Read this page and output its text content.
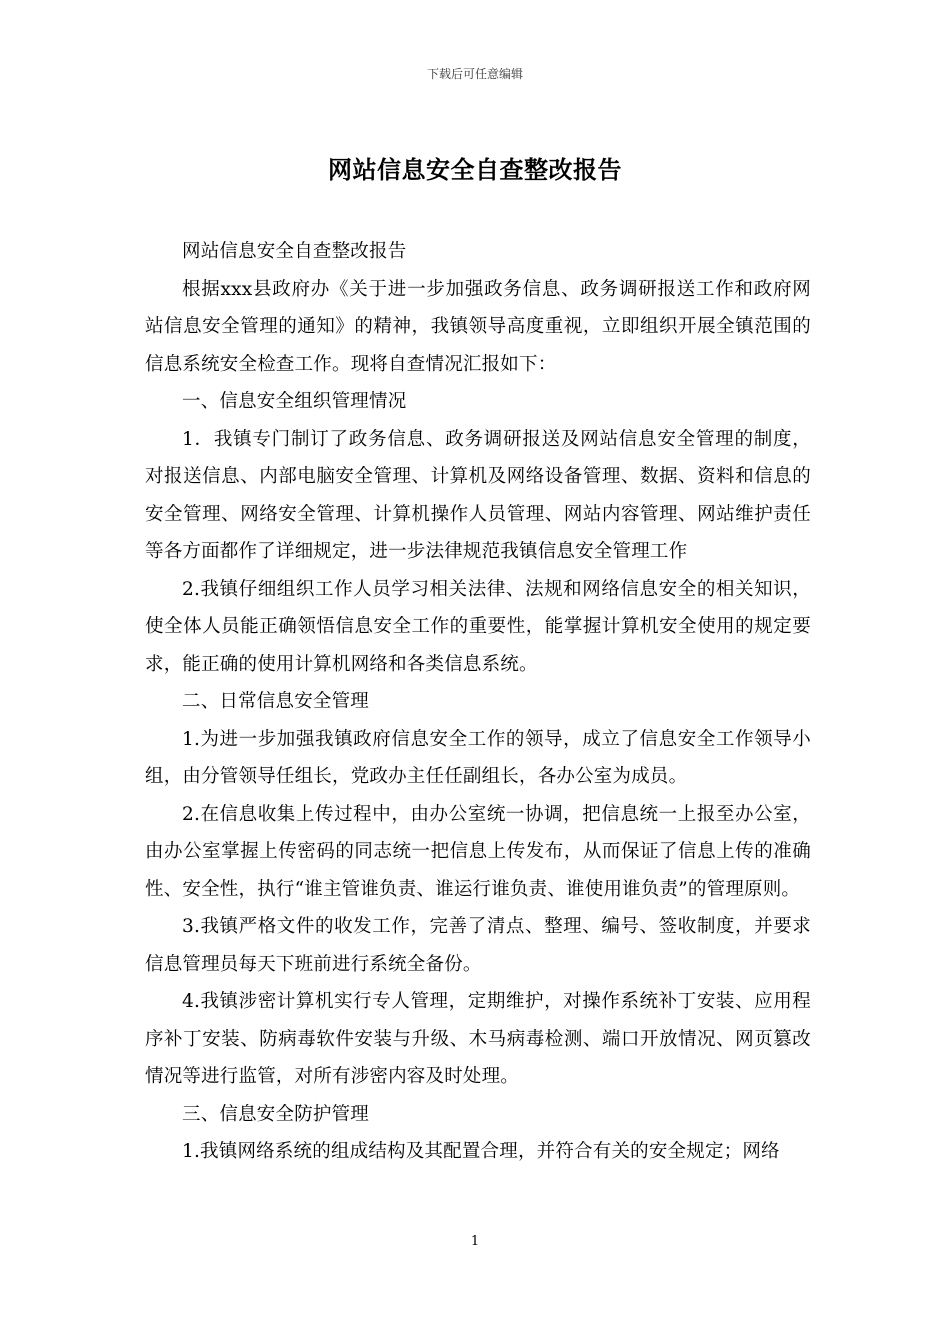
下载后可任意编辑
网站信息安全自查整改报告

网站信息安全自查整改报告

根据xxx县政府办《关于进一步加强政务信息、政务调研报送工作和政府网站信息安全管理的通知》的精神，我镇领导高度重视，立即组织开展全镇范围的信息系统安全检查工作。现将自查情况汇报如下：

一、信息安全组织管理情况

1．我镇专门制订了政务信息、政务调研报送及网站信息安全管理的制度，对报送信息、内部电脑安全管理、计算机及网络设备管理、数据、资料和信息的安全管理、网络安全管理、计算机操作人员管理、网站内容管理、网站维护责任等各方面都作了详细规定，进一步法律规范我镇信息安全管理工作

2.我镇仔细组织工作人员学习相关法律、法规和网络信息安全的相关知识，使全体人员能正确领悟信息安全工作的重要性，能掌握计算机安全使用的规定要求，能正确的使用计算机网络和各类信息系统。

二、日常信息安全管理

1.为进一步加强我镇政府信息安全工作的领导，成立了信息安全工作领导小组，由分管领导任组长，党政办主任任副组长，各办公室为成员。

2.在信息收集上传过程中，由办公室统一协调，把信息统一上报至办公室，由办公室掌握上传密码的同志统一把信息上传发布，从而保证了信息上传的准确性、安全性，执行“谁主管谁负责、谁运行谁负责、谁使用谁负责”的管理原则。

3.我镇严格文件的收发工作，完善了清点、整理、编号、签收制度，并要求信息管理员每天下班前进行系统全备份。

4.我镇涉密计算机实行专人管理，定期维护，对操作系统补丁安装、应用程序补丁安装、防病毒软件安装与升级、木马病毒检测、端口开放情况、网页篡改情况等进行监管，对所有涉密内容及时处理。

三、信息安全防护管理

1.我镇网络系统的组成结构及其配置合理，并符合有关的安全规定；网络

1
